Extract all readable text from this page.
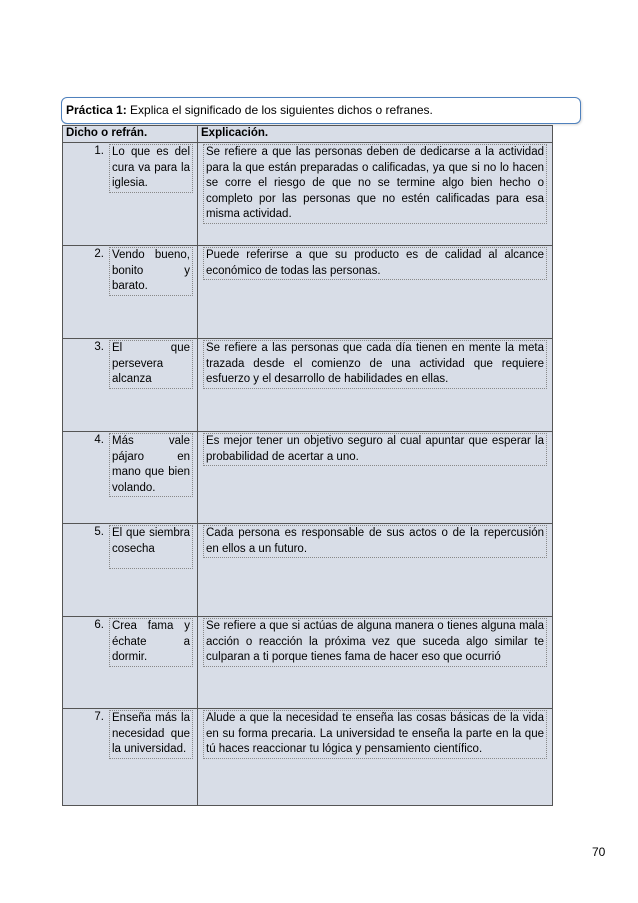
Práctica 1: Explica el significado de los siguientes dichos o refranes.
Dicho o refrán.	Explicación.

1. Lo que es del cura va para la iglesia.	Se refiere a que las personas deben de dedicarse a la actividad para la que están preparadas o calificadas, ya que si no lo hacen se corre el riesgo de que no se termine algo bien hecho o completo por las personas que no estén calificadas para esa misma actividad.

2. Vendo bueno, bonito y barato.	Puede referirse a que su producto es de calidad al alcance económico de todas las personas.

3. El que persevera alcanza	Se refiere a las personas que cada día tienen en mente la meta trazada desde el comienzo de una actividad que requiere esfuerzo y el desarrollo de habilidades en ellas.

4. Más vale pájaro en mano que bien volando.	Es mejor tener un objetivo seguro al cual apuntar que esperar la probabilidad de acertar a uno.

5. El que siembra cosecha	Cada persona es responsable de sus actos o de la repercusión en ellos a un futuro.

6. Crea fama y échate a dormir.	Se refiere a que si actúas de alguna manera o tienes alguna mala acción o reacción la próxima vez que suceda algo similar te culparan a ti porque tienes fama de hacer eso que ocurrió

7. Enseña más la necesidad que la universidad.	Alude a que la necesidad te enseña las cosas básicas de la vida en su forma precaria. La universidad te enseña la parte en la que tú haces reaccionar tu lógica y pensamiento científico.
70
